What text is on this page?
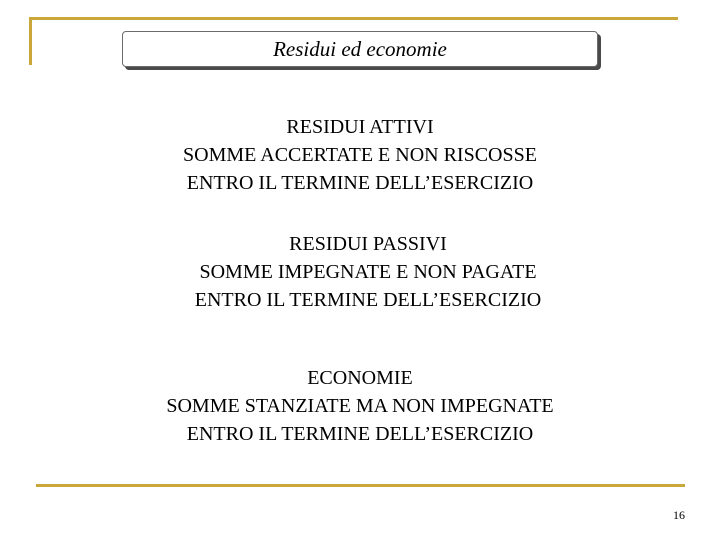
Residui ed economie
RESIDUI ATTIVI
SOMME ACCERTATE E NON RISCOSSE
ENTRO IL TERMINE DELL’ESERCIZIO
RESIDUI PASSIVI
SOMME IMPEGNATE E NON PAGATE
ENTRO IL TERMINE DELL’ESERCIZIO
ECONOMIE
SOMME STANZIATE MA NON IMPEGNATE
ENTRO IL TERMINE DELL’ESERCIZIO
16
